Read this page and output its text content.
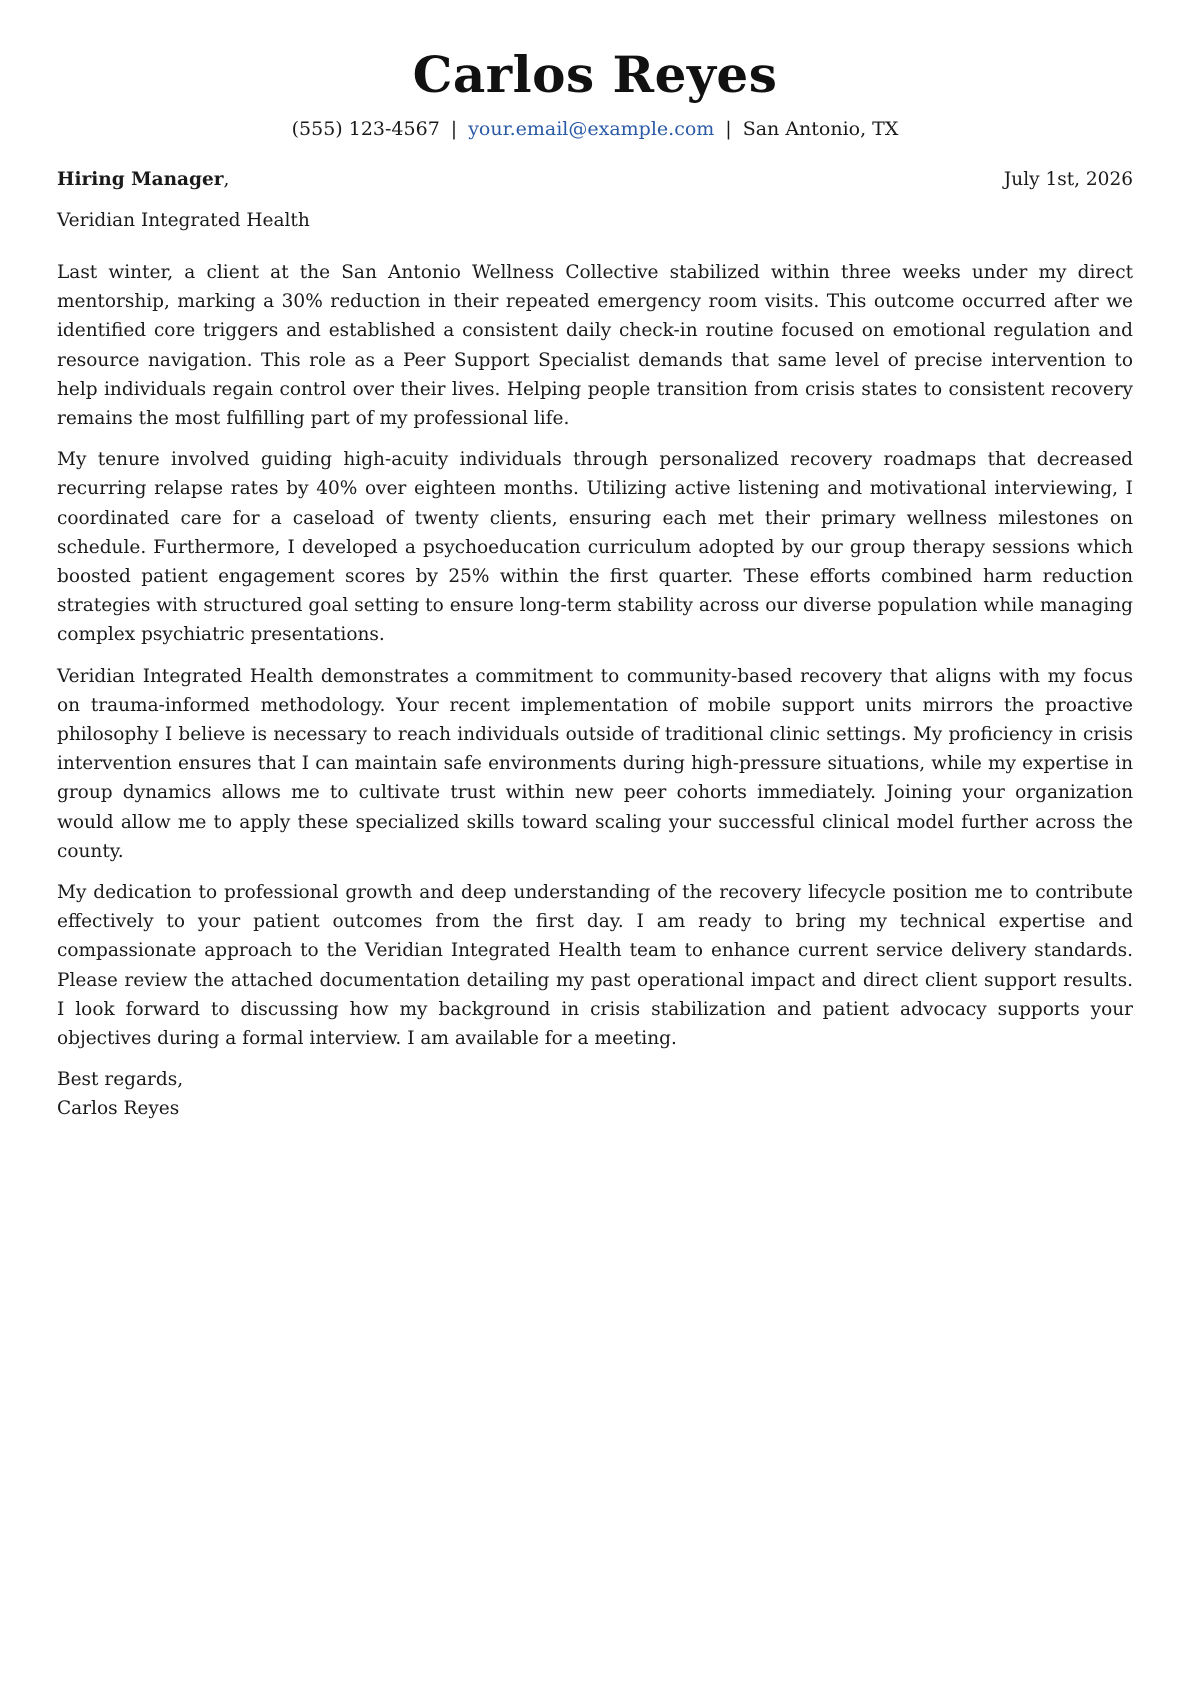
Carlos Reyes
(555) 123-4567 | your.email@example.com | San Antonio, TX
Hiring Manager,	July 1st, 2026
Veridian Integrated Health

Last winter, a client at the San Antonio Wellness Collective stabilized within three weeks under my direct mentorship, marking a 30% reduction in their repeated emergency room visits. This outcome occurred after we identified core triggers and established a consistent daily check-in routine focused on emotional regulation and resource navigation. This role as a Peer Support Specialist demands that same level of precise intervention to help individuals regain control over their lives. Helping people transition from crisis states to consistent recovery remains the most fulfilling part of my professional life.

My tenure involved guiding high-acuity individuals through personalized recovery roadmaps that decreased recurring relapse rates by 40% over eighteen months. Utilizing active listening and motivational interviewing, I coordinated care for a caseload of twenty clients, ensuring each met their primary wellness milestones on schedule. Furthermore, I developed a psychoeducation curriculum adopted by our group therapy sessions which boosted patient engagement scores by 25% within the first quarter. These efforts combined harm reduction strategies with structured goal setting to ensure long-term stability across our diverse population while managing complex psychiatric presentations.

Veridian Integrated Health demonstrates a commitment to community-based recovery that aligns with my focus on trauma-informed methodology. Your recent implementation of mobile support units mirrors the proactive philosophy I believe is necessary to reach individuals outside of traditional clinic settings. My proficiency in crisis intervention ensures that I can maintain safe environments during high-pressure situations, while my expertise in group dynamics allows me to cultivate trust within new peer cohorts immediately. Joining your organization would allow me to apply these specialized skills toward scaling your successful clinical model further across the county.

My dedication to professional growth and deep understanding of the recovery lifecycle position me to contribute effectively to your patient outcomes from the first day. I am ready to bring my technical expertise and compassionate approach to the Veridian Integrated Health team to enhance current service delivery standards. Please review the attached documentation detailing my past operational impact and direct client support results. I look forward to discussing how my background in crisis stabilization and patient advocacy supports your objectives during a formal interview. I am available for a meeting.

Best regards,
Carlos Reyes
